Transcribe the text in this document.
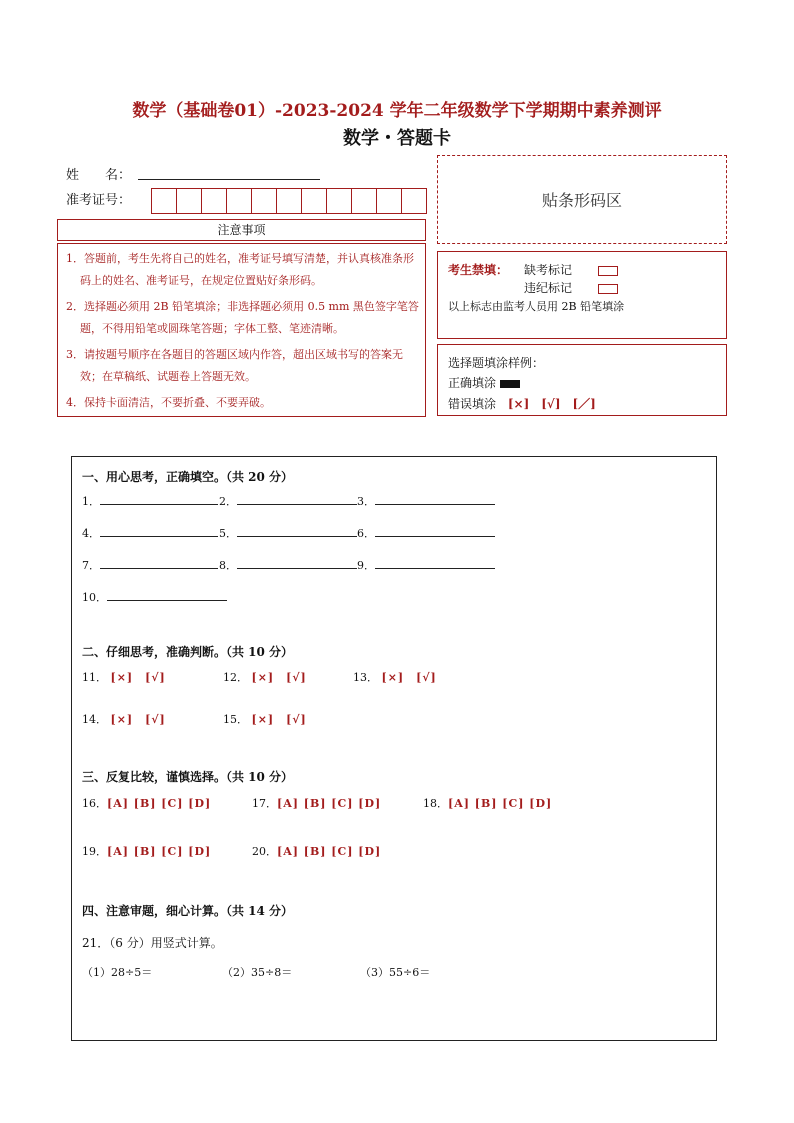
数学（基础卷01）-2023-2024 学年二年级数学下学期期中素养测评
数学・答题卡
姓　　名：
准考证号：	贴条形码区
注意事项

1．答题前，考生先将自己的姓名，准考证号填写清楚，并认真核准条形码上的姓名、准考证号，在规定位置贴好条形码。

2．选择题必须用 2B 铅笔填涂；非选择题必须用 0.5 mm 黑色签字笔答题，不得用铅笔或圆珠笔答题；字体工整、笔迹清晰。

3．请按题号顺序在各题目的答题区域内作答，超出区域书写的答案无效；在草稿纸、试题卷上答题无效。

4．保持卡面清洁，不要折叠、不要弄破。

考生禁填： 缺考标记
违纪标记
以上标志由监考人员用 2B 铅笔填涂
选择题填涂样例：
正确填涂
错误填涂 [×]　[√]　[／]
一、用心思考，正确填空。（共 20 分）
1．	2．	3．
4．	5．	6．
7．	8．	9．
10．
二、仔细思考，准确判断。（共 10 分）
11． [×]　[√]	12． [×]　[√]	13． [×]　[√]
14． [×]　[√]	15． [×]　[√]
三、反复比较，谨慎选择。（共 10 分）
16．[A] [B] [C] [D]	17．[A] [B] [C] [D]	18．[A] [B] [C] [D]
19．[A] [B] [C] [D]	20．[A] [B] [C] [D]
四、注意审题，细心计算。（共 14 分）
21．（6 分）用竖式计算。
（1）28÷5＝	（2）35÷8＝	（3）55÷6＝
